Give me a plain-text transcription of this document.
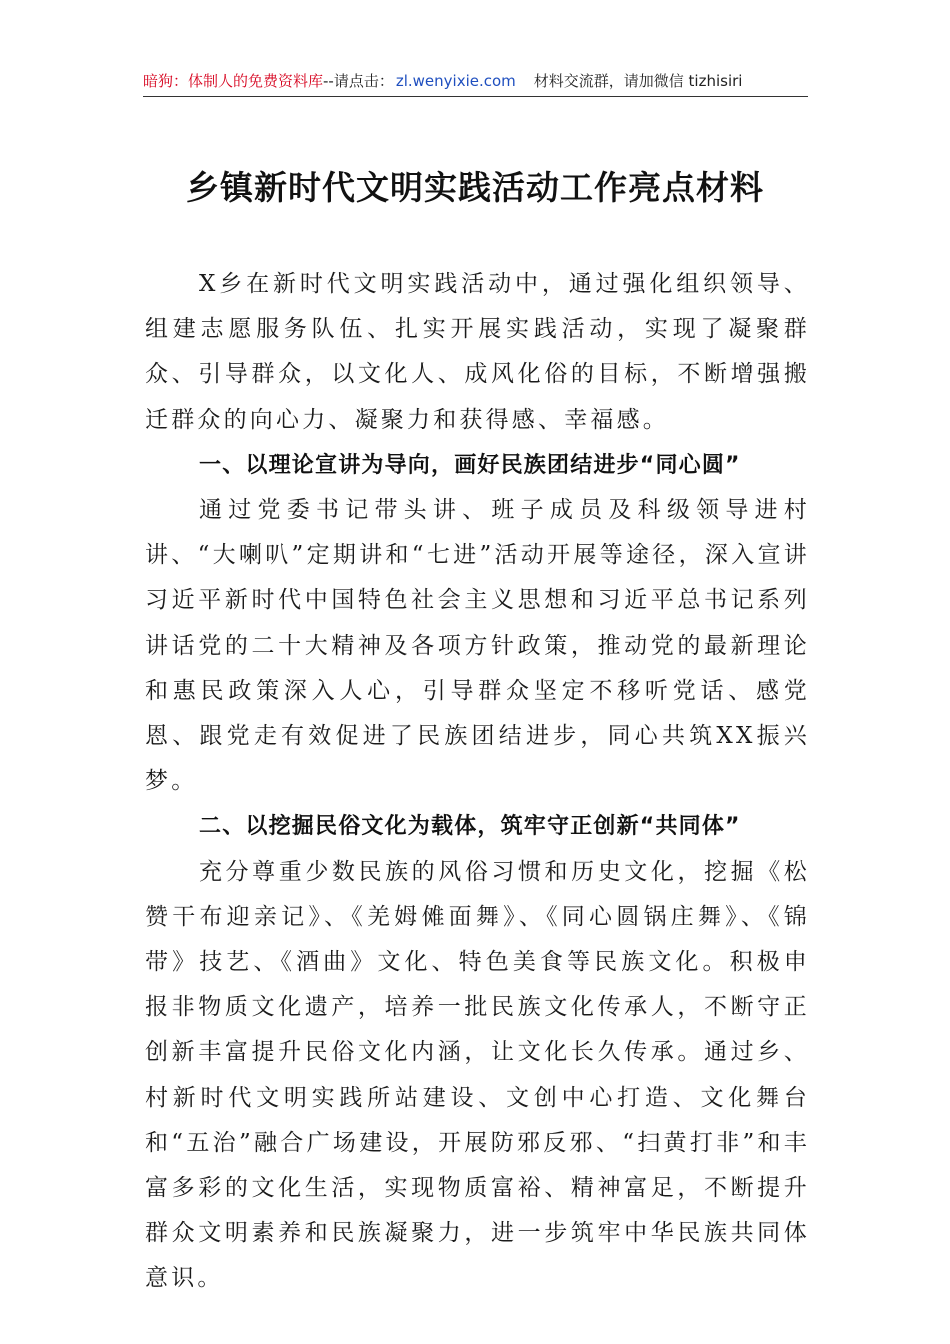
暗狗：体制人的免费资料库--请点击： zl.wenyixie.com 材料交流群，请加微信 tizhisiri
乡镇新时代文明实践活动工作亮点材料

X乡在新时代文明实践活动中，通过强化组织领导、组建志愿服务队伍、扎实开展实践活动，实现了凝聚群众、引导群众，以文化人、成风化俗的目标，不断增强搬迁群众的向心力、凝聚力和获得感、幸福感。

一、以理论宣讲为导向，画好民族团结进步“同心圆”

通过党委书记带头讲、班子成员及科级领导进村讲、“大喇叭”定期讲和“七进”活动开展等途径，深入宣讲习近平新时代中国特色社会主义思想和习近平总书记系列讲话党的二十大精神及各项方针政策，推动党的最新理论和惠民政策深入人心，引导群众坚定不移听党话、感党恩、跟党走有效促进了民族团结进步，同心共筑XX振兴梦。

二、以挖掘民俗文化为载体，筑牢守正创新“共同体”

充分尊重少数民族的风俗习惯和历史文化，挖掘《松赞干布迎亲记》、《羌姆傩面舞》、《同心圆锅庄舞》、《锦带》技艺、《酒曲》文化、特色美食等民族文化。积极申报非物质文化遗产，培养一批民族文化传承人，不断守正创新丰富提升民俗文化内涵，让文化长久传承。通过乡、村新时代文明实践所站建设、文创中心打造、文化舞台和“五治”融合广场建设，开展防邪反邪、“扫黄打非”和丰富多彩的文化生活，实现物质富裕、精神富足，不断提升群众文明素养和民族凝聚力，进一步筑牢中华民族共同体意识。
